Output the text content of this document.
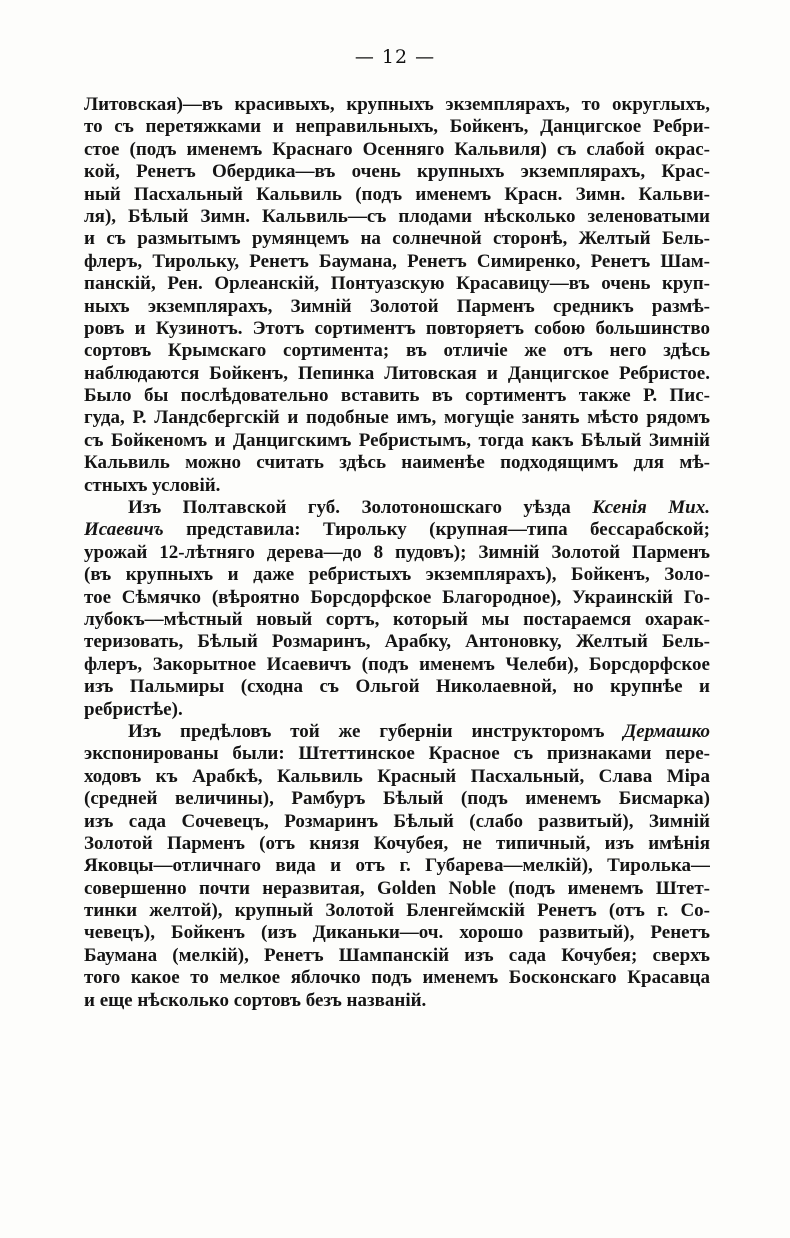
— 12 —
Литовская)—въ красивыхъ, крупныхъ экземплярахъ, то округлыхъ,
то съ перетяжками и неправильныхъ, Бойкенъ, Данцигское Ребри-
стое (подъ именемъ Краснаго Осенняго Кальвиля) съ слабой окрас-
кой, Ренетъ Обердика—въ очень крупныхъ экземплярахъ, Крас-
ный Пасхальный Кальвиль (подъ именемъ Красн. Зимн. Кальви-
ля), Бѣлый Зимн. Кальвиль—съ плодами нѣсколько зеленоватыми
и съ размытымъ румянцемъ на солнечной сторонѣ, Желтый Бель-
флеръ, Тирольку, Ренетъ Баумана, Ренетъ Симиренко, Ренетъ Шам-
панскій, Рен. Орлеанскій, Понтуазскую Красавицу—въ очень круп-
ныхъ экземплярахъ, Зимній Золотой Парменъ средникъ размѣ-
ровъ и Кузинотъ. Этотъ сортиментъ повторяетъ собою большинство
сортовъ Крымскаго сортимента; въ отличіе же отъ него здѣсь
наблюдаются Бойкенъ, Пепинка Литовская и Данцигское Ребристое.
Было бы послѣдовательно вставить въ сортиментъ также Р. Пис-
гуда, Р. Ландсбергскій и подобные имъ, могущіе занять мѣсто рядомъ
съ Бойкеномъ и Данцигскимъ Ребристымъ, тогда какъ Бѣлый Зимній
Кальвиль можно считать здѣсь наименѣе подходящимъ для мѣ-
стныхъ условій.
Изъ Полтавской губ. Золотоношскаго уѣзда Ксенія Мих.
Исаевичъ представила: Тирольку (крупная—типа бессарабской;
урожай 12-лѣтняго дерева—до 8 пудовъ); Зимній Золотой Парменъ
(въ крупныхъ и даже ребристыхъ экземплярахъ), Бойкенъ, Золо-
тое Сѣмячко (вѣроятно Борсдорфское Благородное), Украинскій Го-
лубокъ—мѣстный новый сортъ, который мы постараемся охарак-
теризовать, Бѣлый Розмаринъ, Арабку, Антоновку, Желтый Бель-
флеръ, Закорытное Исаевичъ (подъ именемъ Челеби), Борсдорфское
изъ Пальмиры (сходна съ Ольгой Николаевной, но крупнѣе и
ребристѣе).
Изъ предѣловъ той же губерніи инструкторомъ Дермашко
экспонированы были: Штеттинское Красное съ признаками пере-
ходовъ къ Арабкѣ, Кальвиль Красный Пасхальный, Слава Міра
(средней величины), Рамбуръ Бѣлый (подъ именемъ Бисмарка)
изъ сада Сочевецъ, Розмаринъ Бѣлый (слабо развитый), Зимній
Золотой Парменъ (отъ князя Кочубея, не типичный, изъ имѣнія
Яковцы—отличнаго вида и отъ г. Губарева—мелкій), Тиролька—
совершенно почти неразвитая, Golden Noble (подъ именемъ Штет-
тинки желтой), крупный Золотой Бленгеймскій Ренетъ (отъ г. Со-
чевецъ), Бойкенъ (изъ Диканьки—оч. хорошо развитый), Ренетъ
Баумана (мелкій), Ренетъ Шампанскій изъ сада Кочубея; сверхъ
того какое то мелкое яблочко подъ именемъ Босконскаго Красавца
и еще нѣсколько сортовъ безъ названій.
